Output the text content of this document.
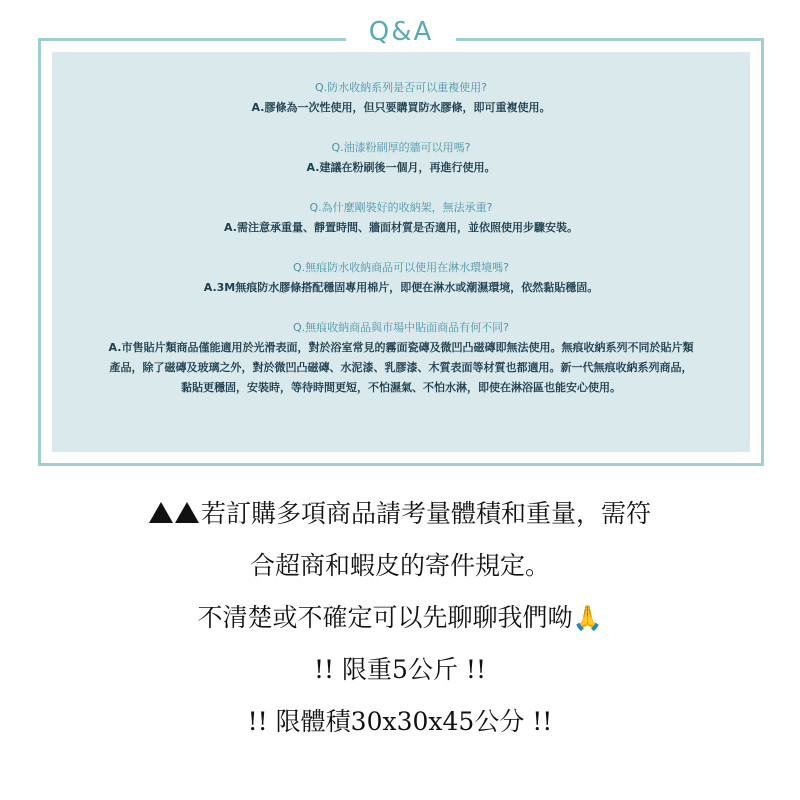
Q&A
Q.防水收納系列是否可以重複使用?
A.膠條為一次性使用，但只要購買防水膠條，即可重複使用。
Q.油漆粉刷厚的牆可以用嗎?
A.建議在粉刷後一個月，再進行使用。
Q.為什麼剛裝好的收納架，無法承重?
A.需注意承重量、靜置時間、牆面材質是否適用，並依照使用步驟安裝。
Q.無痕防水收納商品可以使用在淋水環境嗎?
A.3M無痕防水膠條搭配穩固專用棉片，即便在淋水或潮濕環境，依然黏貼穩固。
Q.無痕收納商品與市場中貼面商品有何不同?
A.市售貼片類商品僅能適用於光滑表面，對於浴室常見的霧面瓷磚及微凹凸磁磚即無法使用。無痕收納系列不同於貼片類產品，除了磁磚及玻璃之外，對於微凹凸磁磚、水泥漆、乳膠漆、木質表面等材質也都適用。新一代無痕收納系列商品，黏貼更穩固，安裝時，等待時間更短，不怕濕氣、不怕水淋，即使在淋浴區也能安心使用。
!!若訂購多項商品請考量體積和重量，需符
合超商和蝦皮的寄件規定。
不清楚或不確定可以先聊聊我們呦🙏
!! 限重5公斤 !!
!! 限體積30x30x45公分 !!
